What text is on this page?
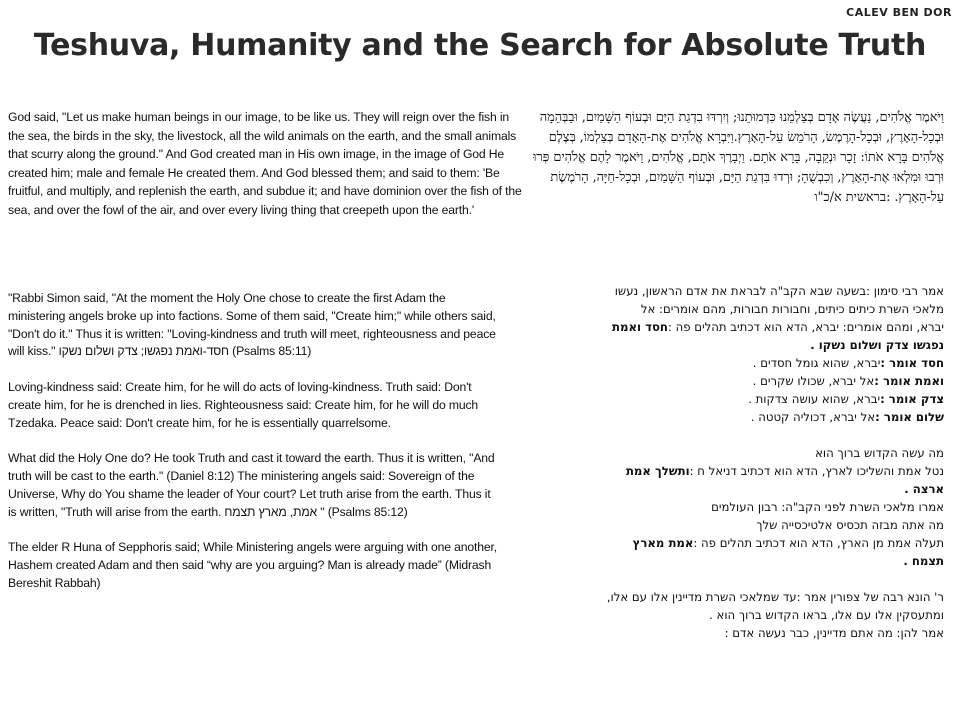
CALEV BEN DOR
Teshuva, Humanity and the Search for Absolute Truth
God said, "Let us make human beings in our image, to be like us. They will reign over the fish in the sea, the birds in the sky, the livestock, all the wild animals on the earth, and the small animals that scurry along the ground." And God created man in His own image, in the image of God He created him; male and female He created them. And God blessed them; and said to them: 'Be fruitful, and multiply, and replenish the earth, and subdue it; and have dominion over the fish of the sea, and over the fowl of the air, and over every living thing that creepeth upon the earth.'

"Rabbi Simon said, "At the moment the Holy One chose to create the first Adam the ministering angels broke up into factions. Some of them said, "Create him;" while others said, "Don't do it." Thus it is written: "Loving-kindness and truth will meet, righteousness and peace will kiss." חסד-ואמת נפגשו; צדק ושלום נשקו (Psalms 85:11)

Loving-kindness said: Create him, for he will do acts of loving-kindness. Truth said: Don't create him, for he is drenched in lies. Righteousness said: Create him, for he will do much Tzedaka. Peace said: Don't create him, for he is essentially quarrelsome.

What did the Holy One do? He took Truth and cast it toward the earth. Thus it is written, "And truth will be cast to the earth." (Daniel 8:12) The ministering angels said: Sovereign of the Universe, Why do You shame the leader of Your court? Let truth arise from the earth. Thus it is written, "Truth will arise from the earth. אמת, מארץ תצמח " (Psalms 85:12)

The elder R Huna of Sepphoris said; While Ministering angels were arguing with one another, Hashem created Adam and then said “why are you arguing? Man is already made” (Midrash Bereshit Rabbah)

וַיֹּאמֶר אֱלֹהִים, נַעֲשֶׂה אָדָם בְּצַלְמֵנוּ כִּדְמוּתֵנוּ; וְיִרְדּוּ בִדְגַת הַיָּם וּבְעוֹף הַשָּׁמַיִם, וּבַבְּהֵמָה וּבְכָל-הָאָרֶץ, וּבְכָל-הָרֶמֶשׂ, הָרֹמֵשׂ עַל-הָאָרֶץ.וַיִּבְרָא אֱלֹהִים אֶת-הָאָדָם בְּצַלְמוֹ, בְּצֶלֶם אֱלֹהִים בָּרָא אֹתוֹ: זָכָר וּנְקֵבָה, בָּרָא אֹתָם. וַיְבָרֶךְ אֹתָם, אֱלֹהִים, וַיֹּאמֶר לָהֶם אֱלֹהִים פְּרוּ וּרְבוּ וּמִלְאוּ אֶת-הָאָרֶץ, וְכִבְשֻׁהָ; וּרְדוּ בִּדְגַת הַיָּם, וּבְעוֹף הַשָּׁמַיִם, וּבְכָל-חַיָּה, הָרֹמֶשֶׂת עַל-הָאָרֶץ. :בראשית א/כ"ו
אמר רבי סימון :בשעה שבא הקב"ה לבראת את אדם הראשון, נעשו
מלאכי השרת כיתים כיתים, וחבורות חבורות, מהם אומרים: אל
יברא, ומהם אומרים: יברא, הדא הוא דכתיב תהלים פה :חסד ואמת
נפגשו צדק ושלום נשקו .
חסד אומר :יברא, שהוא גומל חסדים .
ואמת אומר :אל יברא, שכולו שקרים .
צדק אומר :יברא, שהוא עושה צדקות .
שלום אומר :אל יברא, דכוליה קטטה .
מה עשה הקדוש ברוך הוא
נטל אמת והשליכו לארץ, הדא הוא דכתיב דניאל ח :ותשלך אמת
ארצה .
אמרו מלאכי השרת לפני הקב"ה: רבון העולמים
מה אתה מבזה תכסיס אלטיכסייה שלך
תעלה אמת מן הארץ, הדא הוא דכתיב תהלים פה :אמת מארץ
תצמח .
ר' הונא רבה של צפורין אמר :עד שמלאכי השרת מדיינין אלו עם אלו,
ומתעסקין אלו עם אלו, בראו הקדוש ברוך הוא .
אמר להן: מה אתם מדיינין, כבר נעשה אדם :
